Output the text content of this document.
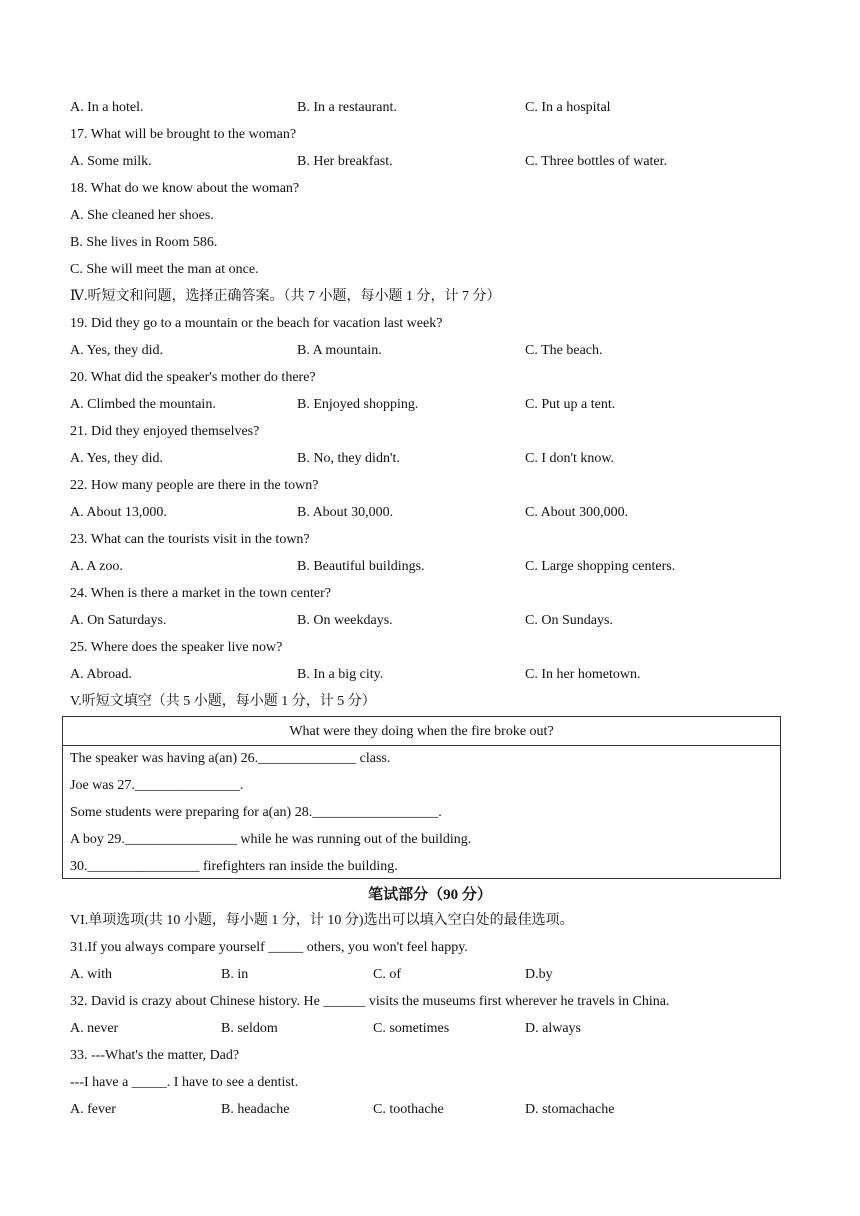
A. In a hotel.	B. In a restaurant.	C. In a hospital
17. What will be brought to the woman?
A. Some milk.	B. Her breakfast.	C. Three bottles of water.
18. What do we know about the woman?
A. She cleaned her shoes.
B. She lives in Room 586.
C. She will meet the man at once.
Ⅳ.听短文和问题，选择正确答案。（共 7 小题，每小题 1 分，计 7 分）
19. Did they go to a mountain or the beach for vacation last week?
A. Yes, they did.	B. A mountain.	C. The beach.
20. What did the speaker's mother do there?
A. Climbed the mountain.	B. Enjoyed shopping.	C. Put up a tent.
21. Did they enjoyed themselves?
A. Yes, they did.	B. No, they didn't.	C. I don't know.
22. How many people are there in the town?
A. About 13,000.	B. About 30,000.	C. About 300,000.
23. What can the tourists visit in the town?
A. A zoo.	B. Beautiful buildings.	C. Large shopping centers.
24. When is there a market in the town center?
A. On Saturdays.	B. On weekdays.	C. On Sundays.
25. Where does the speaker live now?
A. Abroad.	B. In a big city.	C. In her hometown.
V.听短文填空（共 5 小题，每小题 1 分，计 5 分）
What were they doing when the fire broke out?
The speaker was having a(an) 26.______________ class.
Joe was 27._______________.
Some students were preparing for a(an) 28.__________________.
A boy 29.________________ while he was running out of the building.
30.________________ firefighters ran inside the building.
笔试部分（90 分）
VI.单项选项(共 10 小题，每小题 1 分，计 10 分)选出可以填入空白处的最佳选项。
31.If you always compare yourself _____ others, you won't feel happy.
A. with	B. in	C. of	D.by
32. David is crazy about Chinese history. He ______ visits the museums first wherever he travels in China.
A. never	B. seldom	C. sometimes	D. always
33. ---What's the matter, Dad?
---I have a _____. I have to see a dentist.
A. fever	B. headache	C. toothache	D. stomachache
